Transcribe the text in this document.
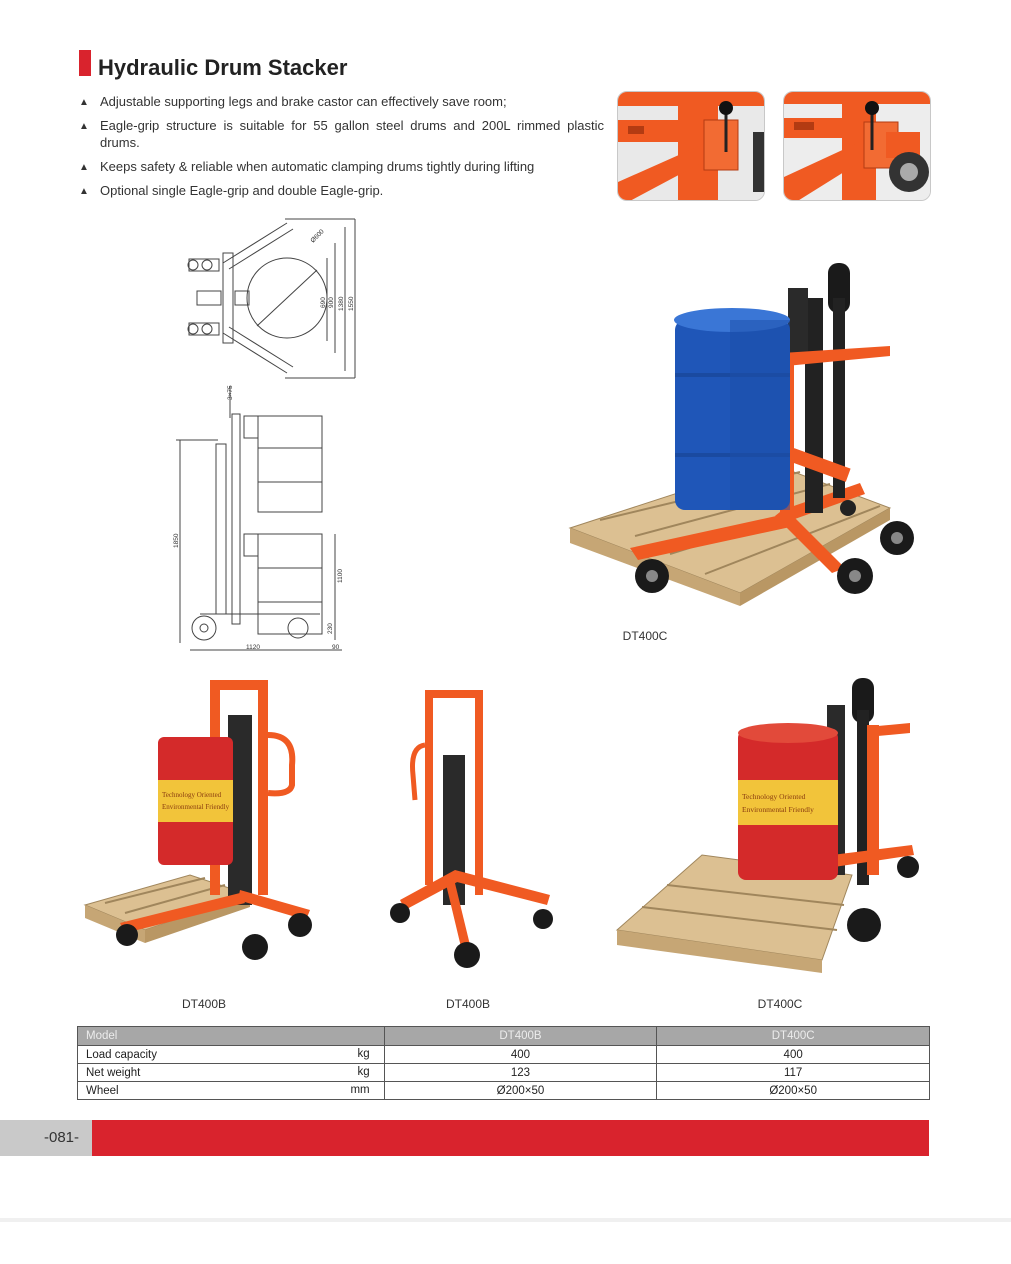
Hydraulic Drum Stacker
▲ Adjustable supporting legs and brake castor can effectively save room;
▲ Eagle-grip structure is suitable for 55 gallon steel drums and 200L rimmed plastic drums.
▲ Keeps safety & reliable when automatic clamping drums tightly during lifting
▲ Optional single Eagle-grip and double Eagle-grip.
Ø600
690 900 1380 1550
3×75
1850
1100
230
1120	90
DT400C
Technology Oriented
Environmental Friendly
DT400B	DT400B
Technology Oriented
Environmental Friendly
DT400C
Model	DT400B	DT400C
Load capacity kg	400	400
Net weight kg	123	117
Wheel mm	Ø200×50	Ø200×50
-081-
